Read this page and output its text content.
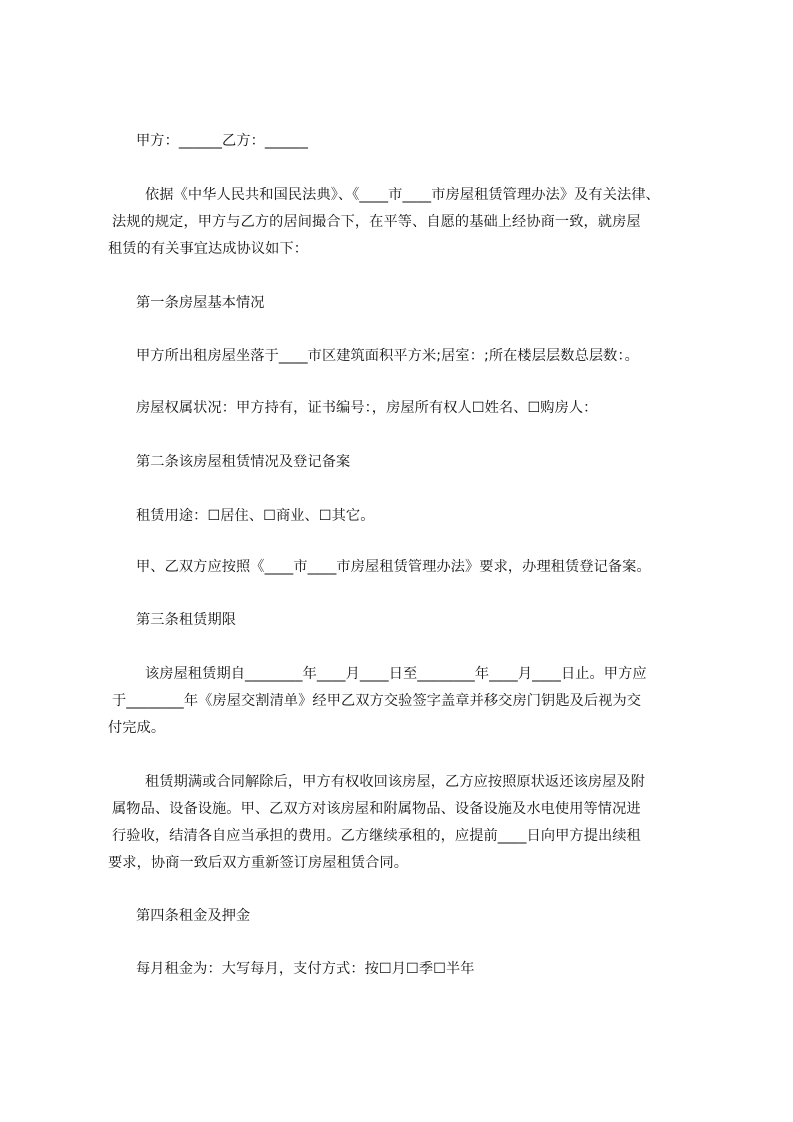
甲方：______乙方：______

依据《中华人民共和国民法典》、《____市____市房屋租赁管理办法》及有关法律、

法规的规定，甲方与乙方的居间撮合下，在平等、自愿的基础上经协商一致，就房屋

租赁的有关事宜达成协议如下：

第一条房屋基本情况

甲方所出租房屋坐落于____市区建筑面积平方米;居室：;所在楼层层数总层数：。

房屋权属状况：甲方持有，证书编号：，房屋所有权人☐姓名、☐购房人：

第二条该房屋租赁情况及登记备案

租赁用途：☐居住、☐商业、☐其它。

甲、乙双方应按照《____市____市房屋租赁管理办法》要求，办理租赁登记备案。

第三条租赁期限

该房屋租赁期自________年____月____日至________年____月____日止。甲方应

于________年《房屋交割清单》经甲乙双方交验签字盖章并移交房门钥匙及后视为交

付完成。

租赁期满或合同解除后，甲方有权收回该房屋，乙方应按照原状返还该房屋及附

属物品、设备设施。甲、乙双方对该房屋和附属物品、设备设施及水电使用等情况进

行验收，结清各自应当承担的费用。乙方继续承租的，应提前____日向甲方提出续租

要求，协商一致后双方重新签订房屋租赁合同。

第四条租金及押金

每月租金为：大写每月，支付方式：按☐月☐季☐半年
